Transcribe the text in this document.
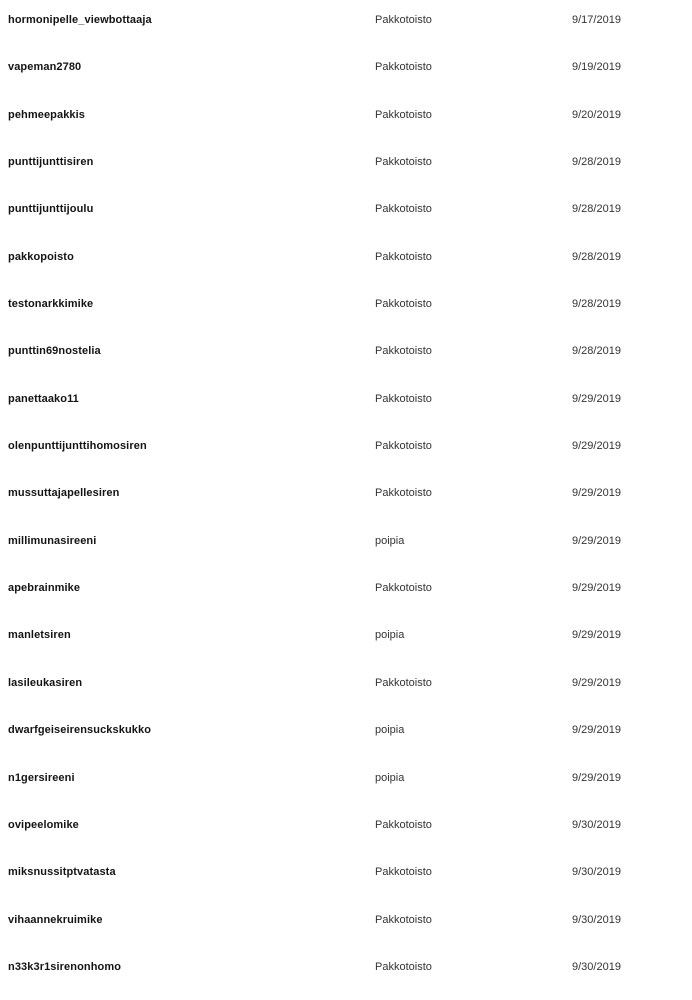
hormonipelle_viewbottaaja	Pakkotoisto	9/17/2019
vapeman2780	Pakkotoisto	9/19/2019
pehmeepakkis	Pakkotoisto	9/20/2019
punttijunttisiren	Pakkotoisto	9/28/2019
punttijunttijoulu	Pakkotoisto	9/28/2019
pakkopoisto	Pakkotoisto	9/28/2019
testonarkkimike	Pakkotoisto	9/28/2019
punttin69nostelia	Pakkotoisto	9/28/2019
panettaako11	Pakkotoisto	9/29/2019
olenpunttijunttihomosiren	Pakkotoisto	9/29/2019
mussuttajapellesiren	Pakkotoisto	9/29/2019
millimunasireeni	poipia	9/29/2019
apebrainmike	Pakkotoisto	9/29/2019
manletsiren	poipia	9/29/2019
lasileukasiren	Pakkotoisto	9/29/2019
dwarfgeiseirensuckskukko	poipia	9/29/2019
n1gersireeni	poipia	9/29/2019
ovipeelomike	Pakkotoisto	9/30/2019
miksnussitptvatasta	Pakkotoisto	9/30/2019
vihaannekruimike	Pakkotoisto	9/30/2019
n33k3r1sirenonhomo	Pakkotoisto	9/30/2019
